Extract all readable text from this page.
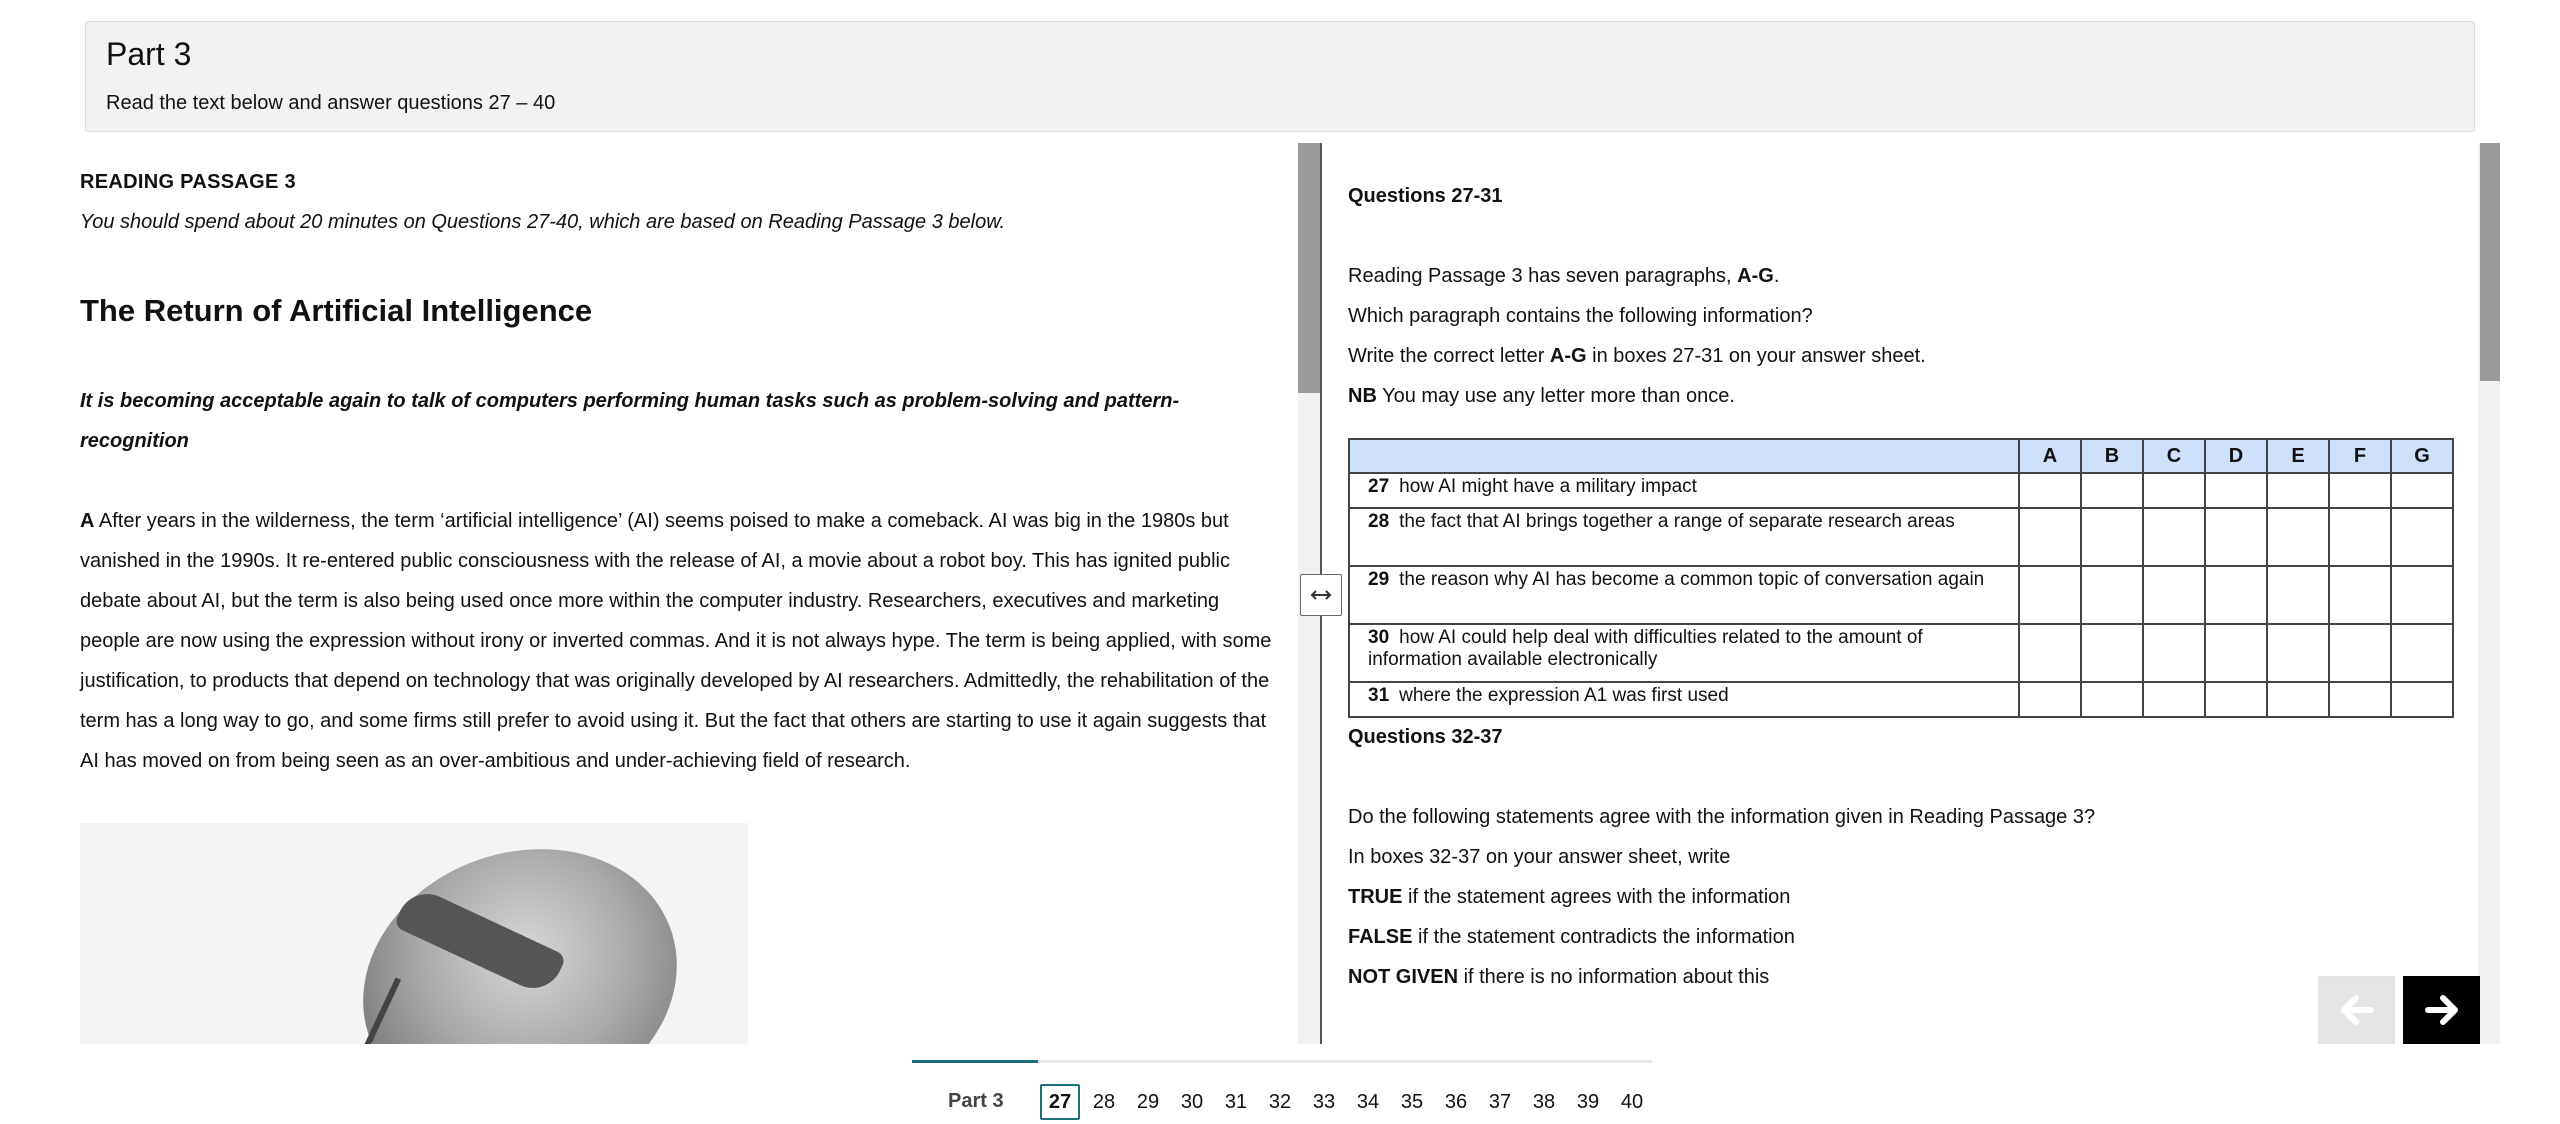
Part 3
Read the text below and answer questions 27 – 40
READING PASSAGE 3
You should spend about 20 minutes on Questions 27-40, which are based on Reading Passage 3 below.
The Return of Artificial Intelligence
It is becoming acceptable again to talk of computers performing human tasks such as problem-solving and pattern-recognition
A After years in the wilderness, the term ‘artificial intelligence’ (AI) seems poised to make a comeback. AI was big in the 1980s but vanished in the 1990s. It re-entered public consciousness with the release of AI, a movie about a robot boy. This has ignited public debate about AI, but the term is also being used once more within the computer industry. Researchers, executives and marketing people are now using the expression without irony or inverted commas. And it is not always hype. The term is being applied, with some justification, to products that depend on technology that was originally developed by AI researchers. Admittedly, the rehabilitation of the term has a long way to go, and some firms still prefer to avoid using it. But the fact that others are starting to use it again suggests that AI has moved on from being seen as an over-ambitious and under-achieving field of research.
Questions 27-31
Reading Passage 3 has seven paragraphs, A-G.
Which paragraph contains the following information?
Write the correct letter A-G in boxes 27-31 on your answer sheet.
NB You may use any letter more than once.
	A	B	C	D	E	F	G
27 how AI might have a military impact							
28 the fact that AI brings together a range of separate research areas							
29 the reason why AI has become a common topic of conversation again							
30 how AI could help deal with difficulties related to the amount of information available electronically							
31 where the expression A1 was first used							
Questions 32-37
Do the following statements agree with the information given in Reading Passage 3?
In boxes 32-37 on your answer sheet, write
TRUE if the statement agrees with the information
FALSE if the statement contradicts the information
NOT GIVEN if there is no information about this
Part 3	27	28	29	30	31	32	33	34	35	36	37	38	39	40
